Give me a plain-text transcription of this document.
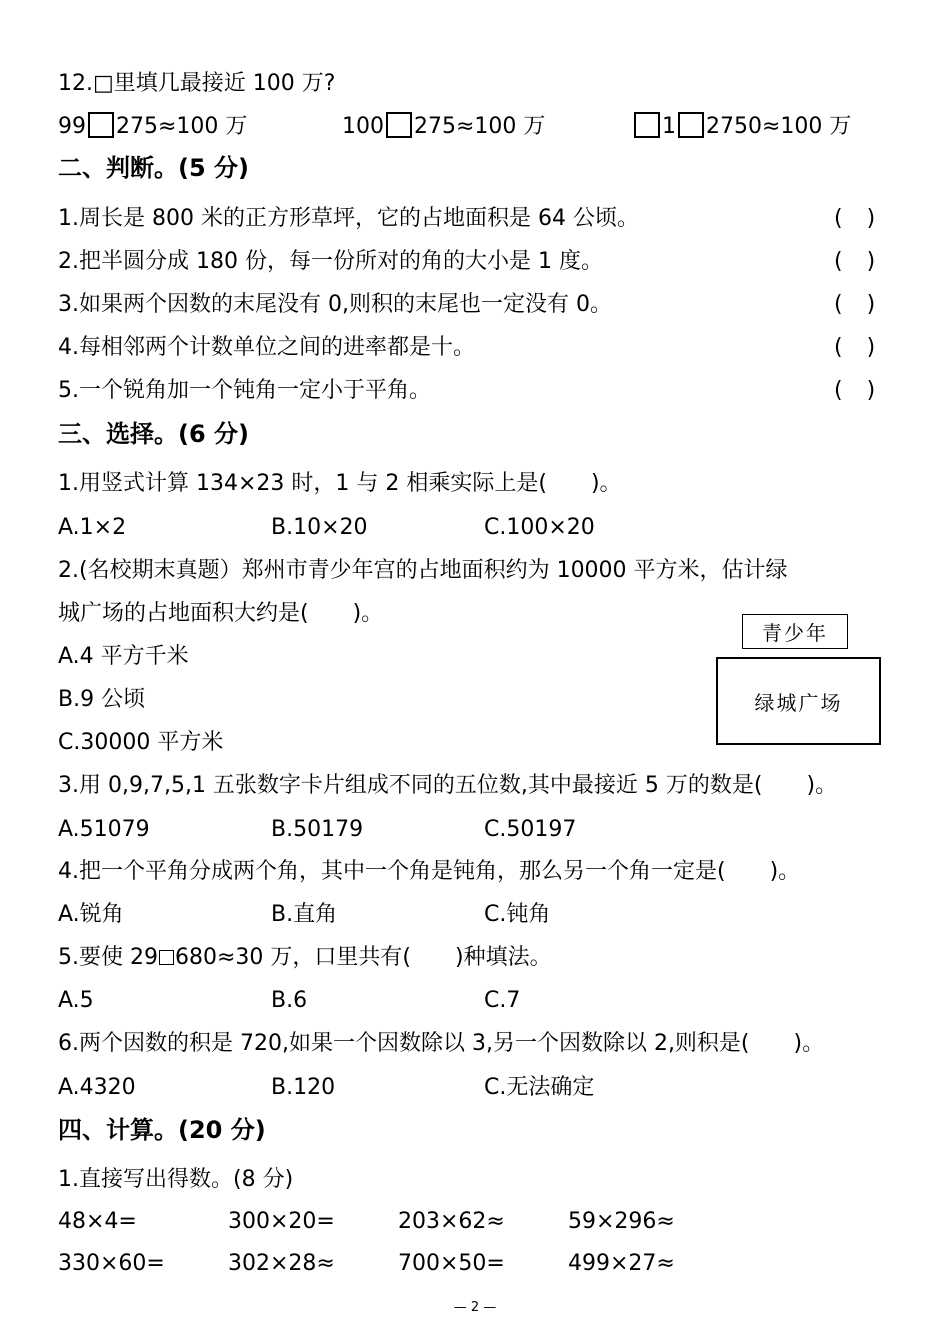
12.□里填几最接近 100 万?
99 275≈100 万	100 275≈100 万	1 2750≈100 万
二、判断。(5 分)
1.周长是 800 米的正方形草坪，它的占地面积是 64 公顷。	()
2.把半圆分成 180 份，每一份所对的角的大小是 1 度。	()
3.如果两个因数的末尾没有 0,则积的末尾也一定没有 0。	()
4.每相邻两个计数单位之间的进率都是十。	()
5.一个锐角加一个钝角一定小于平角。	()
三、选择。(6 分)
1.用竖式计算 134×23 时，1 与 2 相乘实际上是(　　)。
A.1×2	B.10×20	C.100×20
2.(名校期末真题）郑州市青少年宫的占地面积约为 10000 平方米，估计绿
城广场的占地面积大约是(　　)。
A.4 平方千米
B.9 公顷
C.30000 平方米
青少年
绿城广场
3.用 0,9,7,5,1 五张数字卡片组成不同的五位数,其中最接近 5 万的数是(　　)。
A.51079	B.50179	C.50197
4.把一个平角分成两个角，其中一个角是钝角，那么另一个角一定是(　　)。
A.锐角	B.直角	C.钝角
5.要使 29 680≈30 万，口里共有(　　)种填法。
A.5	B.6	C.7
6.两个因数的积是 720,如果一个因数除以 3,另一个因数除以 2,则积是(　　)。
A.4320	B.120	C.无法确定
四、计算。(20 分)
1.直接写出得数。(8 分)
48×4=	300×20=	203×62≈	59×296≈
330×60=	302×28≈	700×50=	499×27≈
— 2 —
